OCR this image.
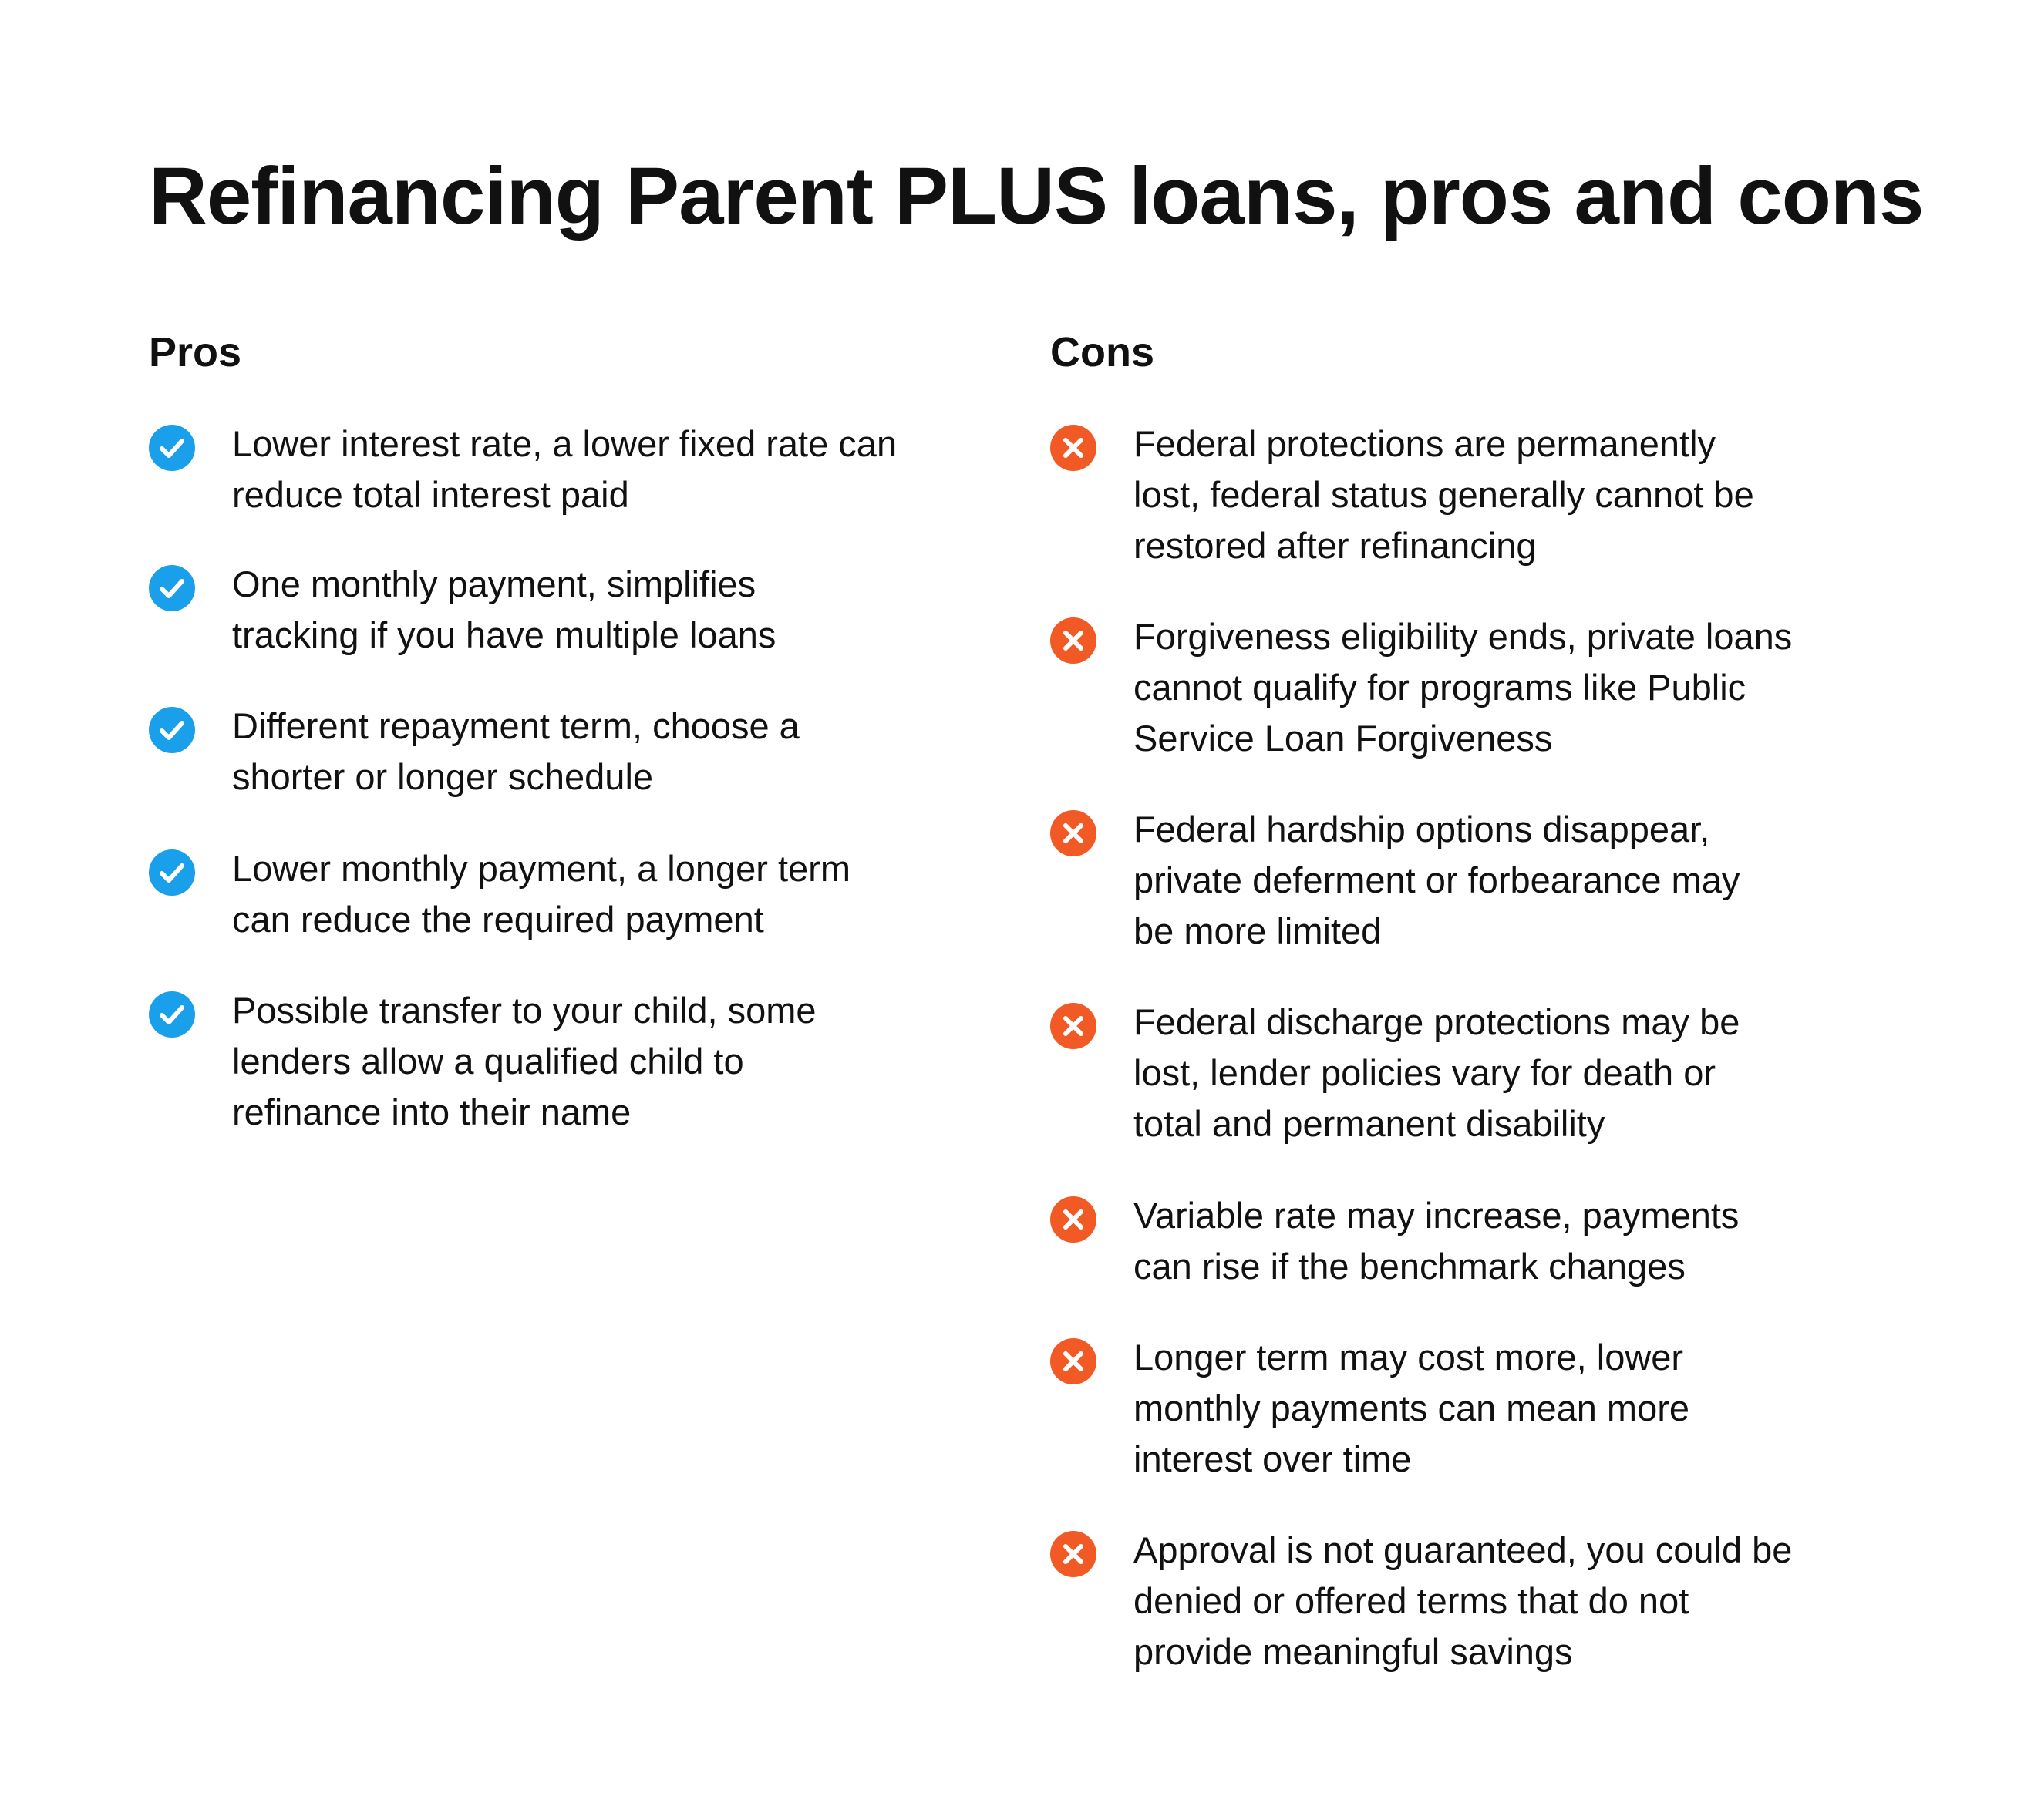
Refinancing Parent PLUS loans, pros and cons
Pros
Lower interest rate, a lower fixed rate can
reduce total interest paid
One monthly payment, simplifies
tracking if you have multiple loans
Different repayment term, choose a
shorter or longer schedule
Lower monthly payment, a longer term
can reduce the required payment
Possible transfer to your child, some
lenders allow a qualified child to
refinance into their name
Cons
Federal protections are permanently
lost, federal status generally cannot be
restored after refinancing
Forgiveness eligibility ends, private loans
cannot qualify for programs like Public
Service Loan Forgiveness
Federal hardship options disappear,
private deferment or forbearance may
be more limited
Federal discharge protections may be
lost, lender policies vary for death or
total and permanent disability
Variable rate may increase, payments
can rise if the benchmark changes
Longer term may cost more, lower
monthly payments can mean more
interest over time
Approval is not guaranteed, you could be
denied or offered terms that do not
provide meaningful savings
